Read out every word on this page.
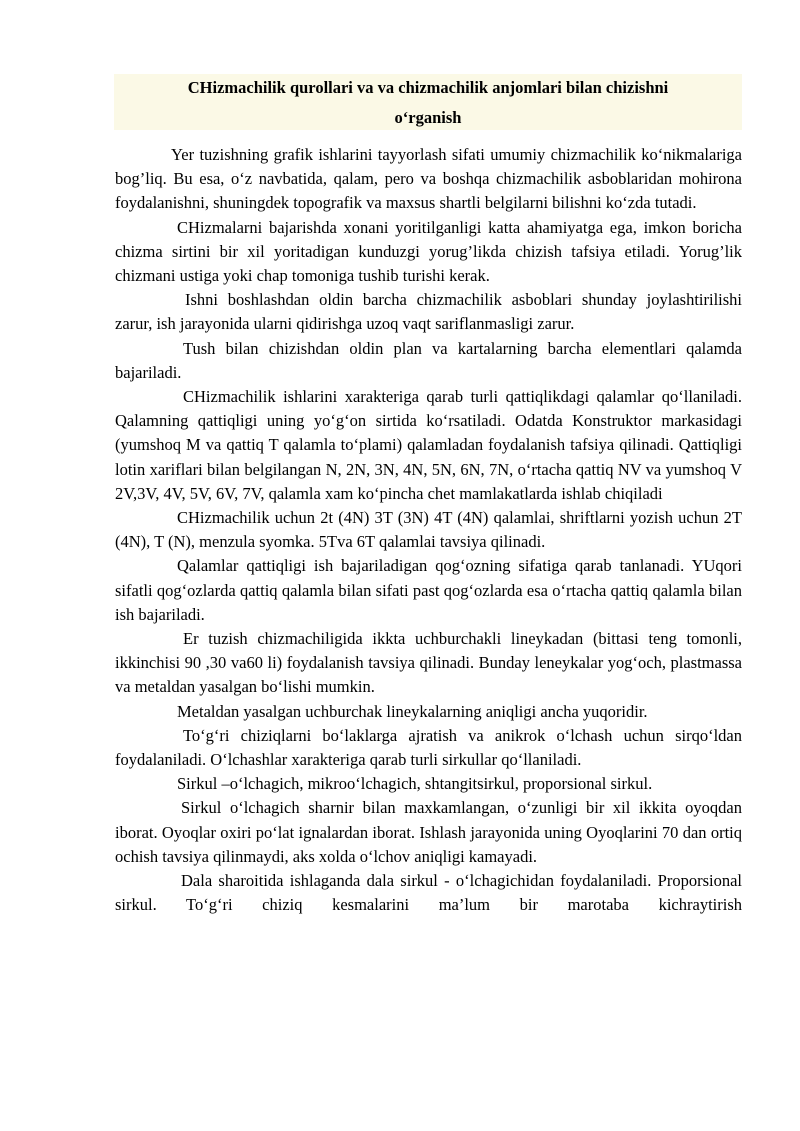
CHizmachilik qurollari va va chizmachilik anjomlari bilan chizishni
o‘rganish

Yer tuzishning grafik ishlarini tayyorlash sifati umumiy chizmachilik ko‘nikmalariga bog’liq. Bu esa, o‘z navbatida, qalam, pero va boshqa chizmachilik asboblaridan mohirona foydalanishni, shuningdek topografik va maxsus shartli belgilarni bilishni ko‘zda tutadi.

CHizmalarni bajarishda xonani yoritilganligi katta ahamiyatga ega, imkon boricha chizma sirtini bir xil yoritadigan kunduzgi yorug’likda chizish tafsiya etiladi. Yorug’lik chizmani ustiga yoki chap tomoniga tushib turishi kerak.

Ishni boshlashdan oldin barcha chizmachilik asboblari shunday joylashtirilishi zarur, ish jarayonida ularni qidirishga uzoq vaqt sariflanmasligi zarur.

Tush bilan chizishdan oldin plan va kartalarning barcha elementlari qalamda bajariladi.

CHizmachilik ishlarini xarakteriga qarab turli qattiqlikdagi qalamlar qo‘llaniladi. Qalamning qattiqligi uning yo‘g‘on sirtida ko‘rsatiladi. Odatda Konstruktor markasidagi (yumshoq M va qattiq T qalamla to‘plami) qalamladan foydalanish tafsiya qilinadi. Qattiqligi lotin xariflari bilan belgilangan N, 2N, 3N, 4N, 5N, 6N, 7N, o‘rtacha qattiq NV va yumshoq V 2V,3V, 4V, 5V, 6V, 7V, qalamla xam ko‘pincha chet mamlakatlarda ishlab chiqiladi

CHizmachilik uchun 2t (4N) 3T (3N) 4T (4N) qalamlai, shriftlarni yozish uchun 2T (4N), T (N), menzula syomka. 5Tva 6T qalamlai tavsiya qilinadi.

Qalamlar qattiqligi ish bajariladigan qog‘ozning sifatiga qarab tanlanadi. YUqori sifatli qog‘ozlarda qattiq qalamla bilan sifati past qog‘ozlarda esa o‘rtacha qattiq qalamla bilan ish bajariladi.

Er tuzish chizmachiligida ikkta uchburchakli lineykadan (bittasi teng tomonli, ikkinchisi 90 ,30 va60 li) foydalanish tavsiya qilinadi. Bunday leneykalar yog‘och, plastmassa va metaldan yasalgan bo‘lishi mumkin.

Metaldan yasalgan uchburchak lineykalarning aniqligi ancha yuqoridir.

To‘g‘ri chiziqlarni bo‘laklarga ajratish va anikrok o‘lchash uchun sirqo‘ldan foydalaniladi. O‘lchashlar xarakteriga qarab turli sirkullar qo‘llaniladi.

Sirkul –o‘lchagich, mikroo‘lchagich, shtangitsirkul, proporsional sirkul.

Sirkul o‘lchagich sharnir bilan maxkamlangan, o‘zunligi bir xil ikkita oyoqdan iborat. Oyoqlar oxiri po‘lat ignalardan iborat. Ishlash jarayonida uning Oyoqlarini 70 dan ortiq ochish tavsiya qilinmaydi, aks xolda o‘lchov aniqligi kamayadi.

Dala sharoitida ishlaganda dala sirkul - o‘lchagichidan foydalaniladi. Proporsional sirkul. To‘g‘ri chiziq kesmalarini ma’lum bir marotaba kichraytirish
